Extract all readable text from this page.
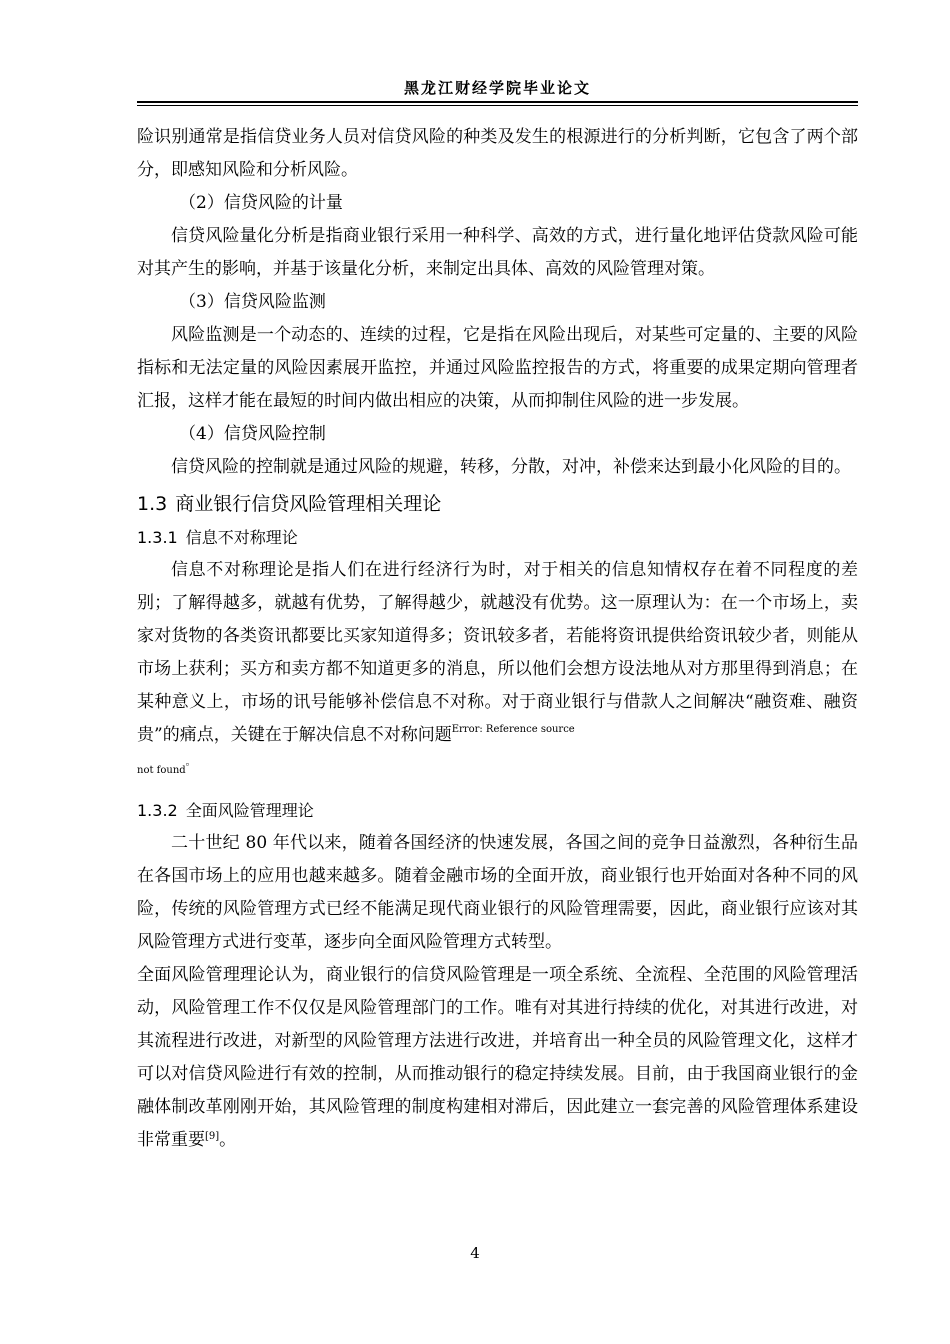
黑龙江财经学院毕业论文

险识别通常是指信贷业务人员对信贷风险的种类及发生的根源进行的分析判断，它包含了两个部分，即感知风险和分析风险。

（2）信贷风险的计量

信贷风险量化分析是指商业银行采用一种科学、高效的方式，进行量化地评估贷款风险可能对其产生的影响，并基于该量化分析，来制定出具体、高效的风险管理对策。

（3）信贷风险监测

风险监测是一个动态的、连续的过程，它是指在风险出现后，对某些可定量的、主要的风险指标和无法定量的风险因素展开监控，并通过风险监控报告的方式，将重要的成果定期向管理者汇报，这样才能在最短的时间内做出相应的决策，从而抑制住风险的进一步发展。

（4）信贷风险控制

信贷风险的控制就是通过风险的规避，转移，分散，对冲，补偿来达到最小化风险的目的。

1.3 商业银行信贷风险管理相关理论
1.3.1 信息不对称理论

信息不对称理论是指人们在进行经济行为时，对于相关的信息知情权存在着不同程度的差别；了解得越多，就越有优势，了解得越少，就越没有优势。这一原理认为：在一个市场上，卖家对货物的各类资讯都要比买家知道得多；资讯较多者，若能将资讯提供给资讯较少者，则能从市场上获利；买方和卖方都不知道更多的消息，所以他们会想方设法地从对方那里得到消息；在某种意义上，市场的讯号能够补偿信息不对称。对于商业银行与借款人之间解决“融资难、融资贵”的痛点，关键在于解决信息不对称问题$^{Error: Reference source}$

not found。

1.3.2 全面风险管理理论

二十世纪 80 年代以来，随着各国经济的快速发展，各国之间的竞争日益激烈，各种衍生品在各国市场上的应用也越来越多。随着金融市场的全面开放，商业银行也开始面对各种不同的风险，传统的风险管理方式已经不能满足现代商业银行的风险管理需要，因此，商业银行应该对其风险管理方式进行变革，逐步向全面风险管理方式转型。

全面风险管理理论认为，商业银行的信贷风险管理是一项全系统、全流程、全范围的风险管理活动，风险管理工作不仅仅是风险管理部门的工作。唯有对其进行持续的优化，对其进行改进，对其流程进行改进，对新型的风险管理方法进行改进，并培育出一种全员的风险管理文化，这样才可以对信贷风险进行有效的控制，从而推动银行的稳定持续发展。目前，由于我国商业银行的金融体制改革刚刚开始，其风险管理的制度构建相对滞后，因此建立一套完善的风险管理体系建设非常重要[9]。

4
